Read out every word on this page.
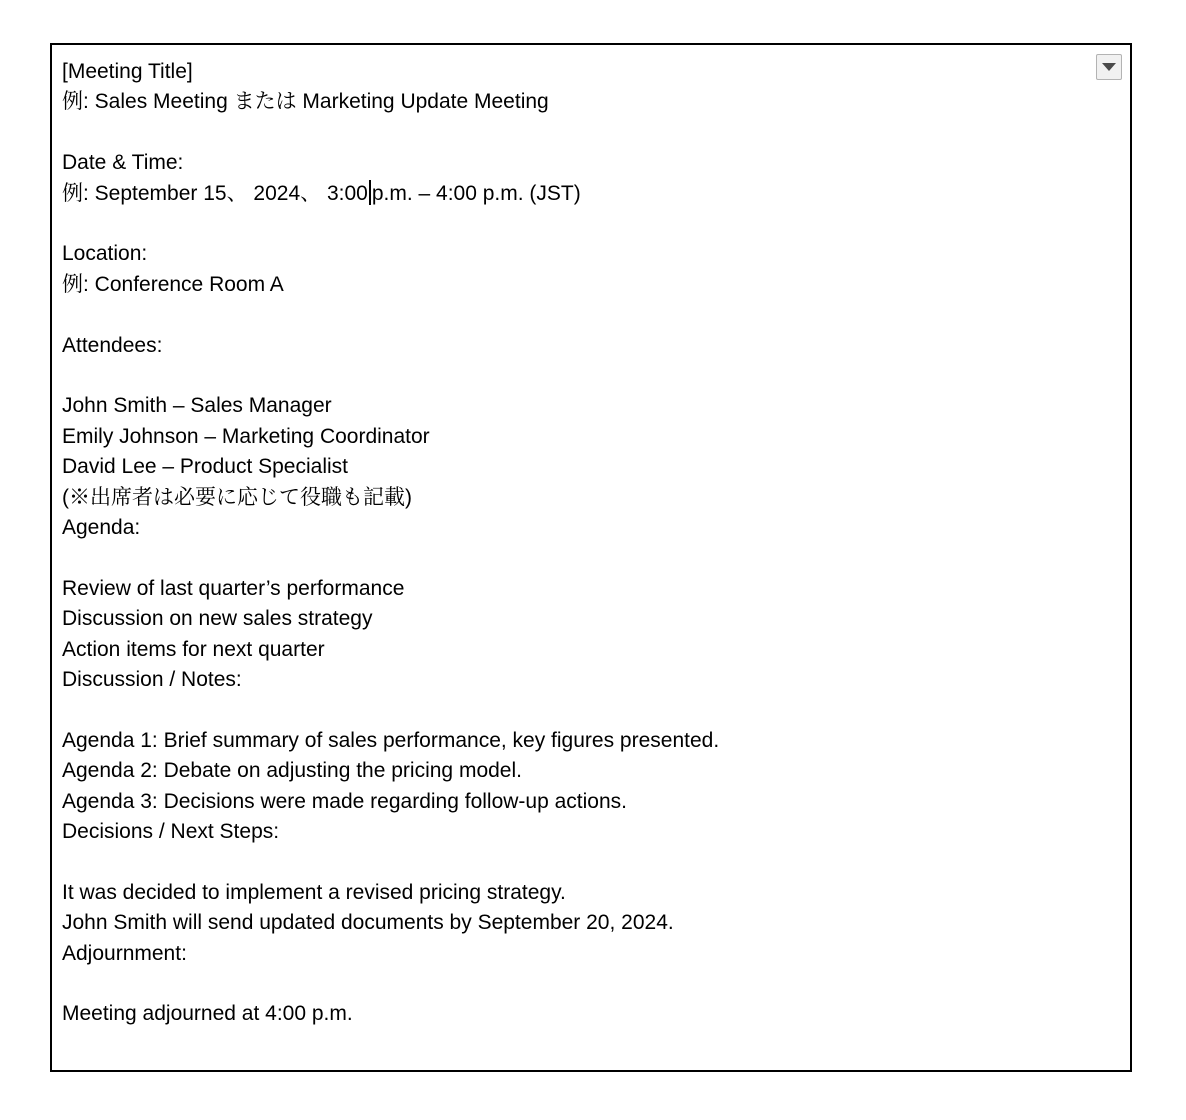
[Meeting Title]
例: Sales Meeting または Marketing Update Meeting
Date & Time:
例: September 15、 2024、 3:00 p.m. – 4:00 p.m. (JST)
Location:
例: Conference Room A
Attendees:
John Smith – Sales Manager
Emily Johnson – Marketing Coordinator
David Lee – Product Specialist
(※出席者は必要に応じて役職も記載)
Agenda:
Review of last quarter’s performance
Discussion on new sales strategy
Action items for next quarter
Discussion / Notes:
Agenda 1: Brief summary of sales performance, key figures presented.
Agenda 2: Debate on adjusting the pricing model.
Agenda 3: Decisions were made regarding follow-up actions.
Decisions / Next Steps:
It was decided to implement a revised pricing strategy.
John Smith will send updated documents by September 20, 2024.
Adjournment:
Meeting adjourned at 4:00 p.m.
